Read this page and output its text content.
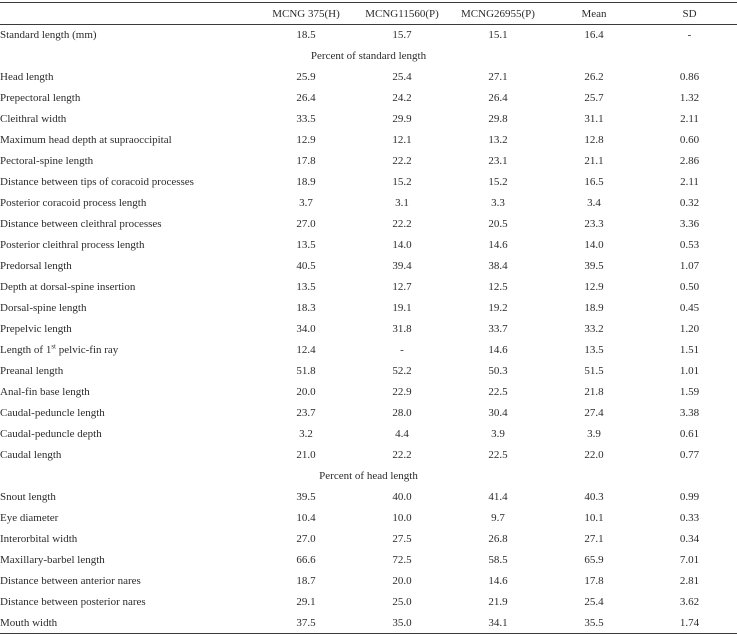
	MCNG 375(H)	MCNG11560(P)	MCNG26955(P)	Mean	SD
Standard length (mm)	18.5	15.7	15.1	16.4	-
Percent of standard length					
Head length	25.9	25.4	27.1	26.2	0.86
Prepectoral length	26.4	24.2	26.4	25.7	1.32
Cleithral width	33.5	29.9	29.8	31.1	2.11
Maximum head depth at supraoccipital	12.9	12.1	13.2	12.8	0.60
Pectoral-spine length	17.8	22.2	23.1	21.1	2.86
Distance between tips of coracoid processes	18.9	15.2	15.2	16.5	2.11
Posterior coracoid process length	3.7	3.1	3.3	3.4	0.32
Distance between cleithral processes	27.0	22.2	20.5	23.3	3.36
Posterior cleithral process length	13.5	14.0	14.6	14.0	0.53
Predorsal length	40.5	39.4	38.4	39.5	1.07
Depth at dorsal-spine insertion	13.5	12.7	12.5	12.9	0.50
Dorsal-spine length	18.3	19.1	19.2	18.9	0.45
Prepelvic length	34.0	31.8	33.7	33.2	1.20
Length of 1st pelvic-fin ray	12.4	-	14.6	13.5	1.51
Preanal length	51.8	52.2	50.3	51.5	1.01
Anal-fin base length	20.0	22.9	22.5	21.8	1.59
Caudal-peduncle length	23.7	28.0	30.4	27.4	3.38
Caudal-peduncle depth	3.2	4.4	3.9	3.9	0.61
Caudal length	21.0	22.2	22.5	22.0	0.77
Percent of head length					
Snout length	39.5	40.0	41.4	40.3	0.99
Eye diameter	10.4	10.0	9.7	10.1	0.33
Interorbital width	27.0	27.5	26.8	27.1	0.34
Maxillary-barbel length	66.6	72.5	58.5	65.9	7.01
Distance between anterior nares	18.7	20.0	14.6	17.8	2.81
Distance between posterior nares	29.1	25.0	21.9	25.4	3.62
Mouth width	37.5	35.0	34.1	35.5	1.74
